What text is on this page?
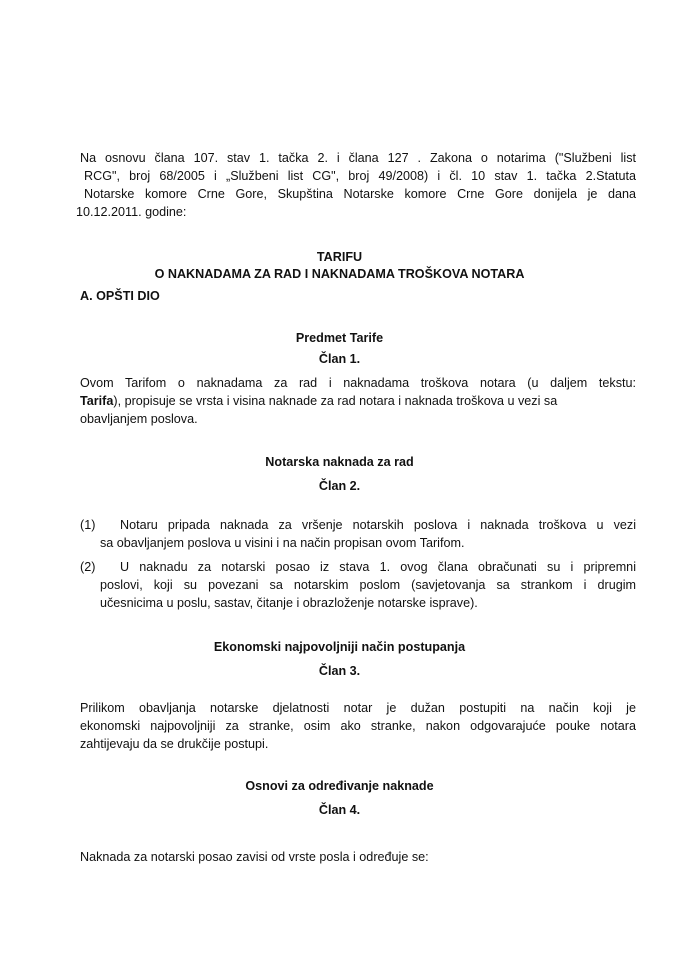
Na osnovu člana 107. stav 1. tačka 2. i člana 127 . Zakona o notarima ("Službeni list
RCG", broj 68/2005 i „Službeni list CG", broj 49/2008) i čl. 10 stav 1. tačka 2.Statuta
Notarske komore Crne Gore, Skupština Notarske komore Crne Gore donijela je dana
10.12.2011. godine:
TARIFU
O NAKNADAMA ZA RAD I NAKNADAMA TROŠKOVA NOTARA
A. OPŠTI DIO
Predmet Tarife
Član 1.
Ovom Tarifom o naknadama za rad i naknadama troškova notara (u daljem tekstu:
Tarifa), propisuje se vrsta i visina naknade za rad notara i naknada troškova u vezi sa
obavljanjem poslova.
Notarska naknada za rad
Član 2.
(1) Notaru pripada naknada za vršenje notarskih poslova i naknada troškova u vezi
sa obavljanjem poslova u visini i na način propisan ovom Tarifom.
(2) U naknadu za notarski posao iz stava 1. ovog člana obračunati su i pripremni
poslovi, koji su povezani sa notarskim poslom (savjetovanja sa strankom i drugim
učesnicima u poslu, sastav, čitanje i obrazloženje notarske isprave).
Ekonomski najpovoljniji način postupanja
Član 3.
Prilikom obavljanja notarske djelatnosti notar je dužan postupiti na način koji je
ekonomski najpovoljniji za stranke, osim ako stranke, nakon odgovarajuće pouke notara
zahtijevaju da se drukčije postupi.
Osnovi za određivanje naknade
Član 4.
Naknada za notarski posao zavisi od vrste posla i određuje se:
